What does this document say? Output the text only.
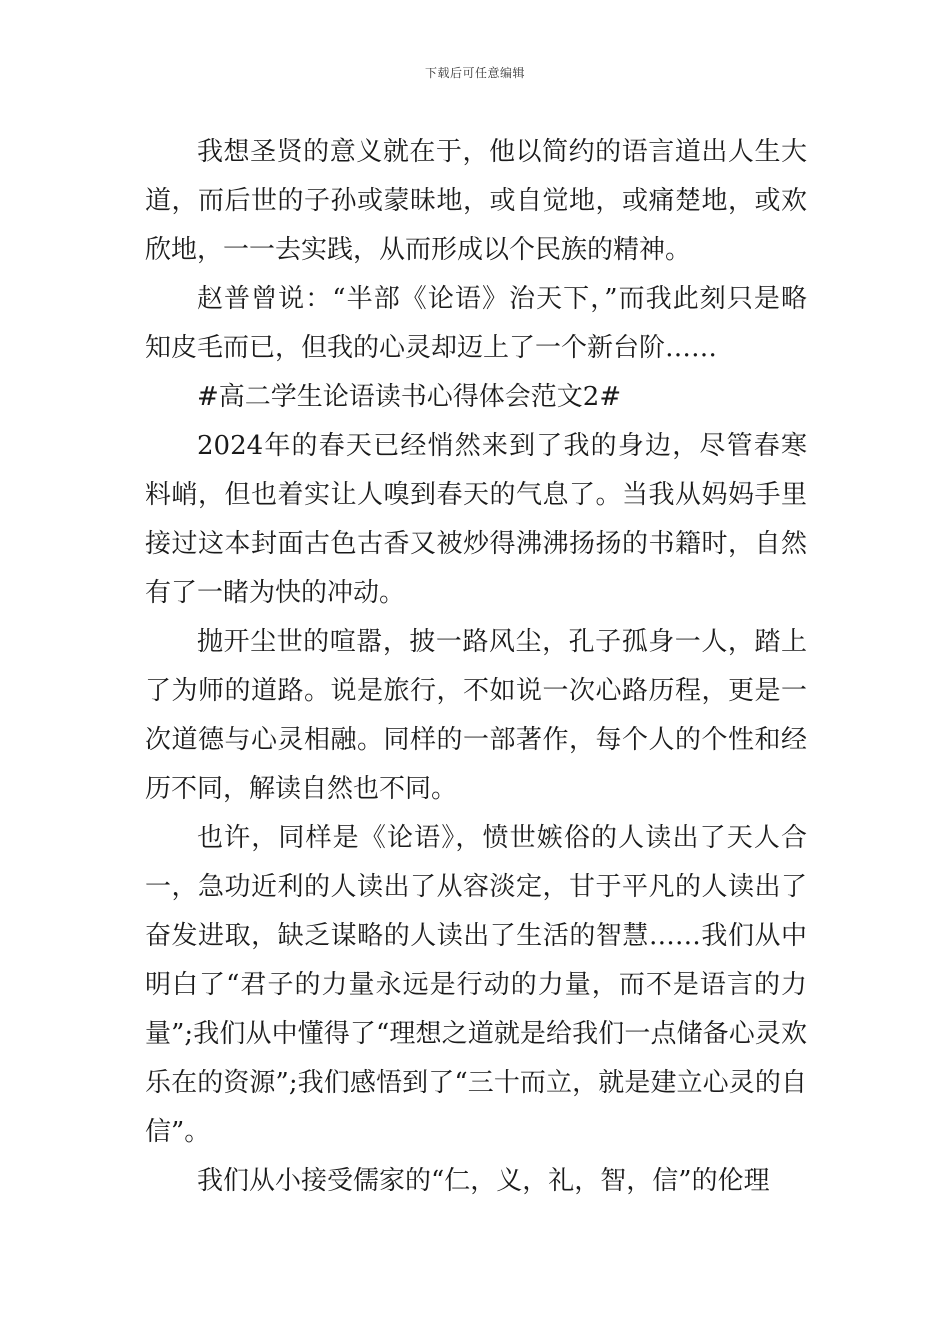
下载后可任意编辑

我想圣贤的意义就在于，他以简约的语言道出人生大道，而后世的子孙或蒙昧地，或自觉地，或痛楚地，或欢欣地，一一去实践，从而形成以个民族的精神。

赵普曾说：“半部《论语》治天下，”而我此刻只是略知皮毛而已，但我的心灵却迈上了一个新台阶……

#高二学生论语读书心得体会范文2#

2024年的春天已经悄然来到了我的身边，尽管春寒料峭，但也着实让人嗅到春天的气息了。当我从妈妈手里接过这本封面古色古香又被炒得沸沸扬扬的书籍时，自然有了一睹为快的冲动。

抛开尘世的喧嚣，披一路风尘，孔子孤身一人，踏上了为师的道路。说是旅行，不如说一次心路历程，更是一次道德与心灵相融。同样的一部著作，每个人的个性和经历不同，解读自然也不同。

也许，同样是《论语》，愤世嫉俗的人读出了天人合一，急功近利的人读出了从容淡定，甘于平凡的人读出了奋发进取，缺乏谋略的人读出了生活的智慧……我们从中明白了“君子的力量永远是行动的力量，而不是语言的力量”;我们从中懂得了“理想之道就是给我们一点储备心灵欢乐在的资源”;我们感悟到了“三十而立，就是建立心灵的自信”。

我们从小接受儒家的“仁，义，礼，智，信”的伦理
